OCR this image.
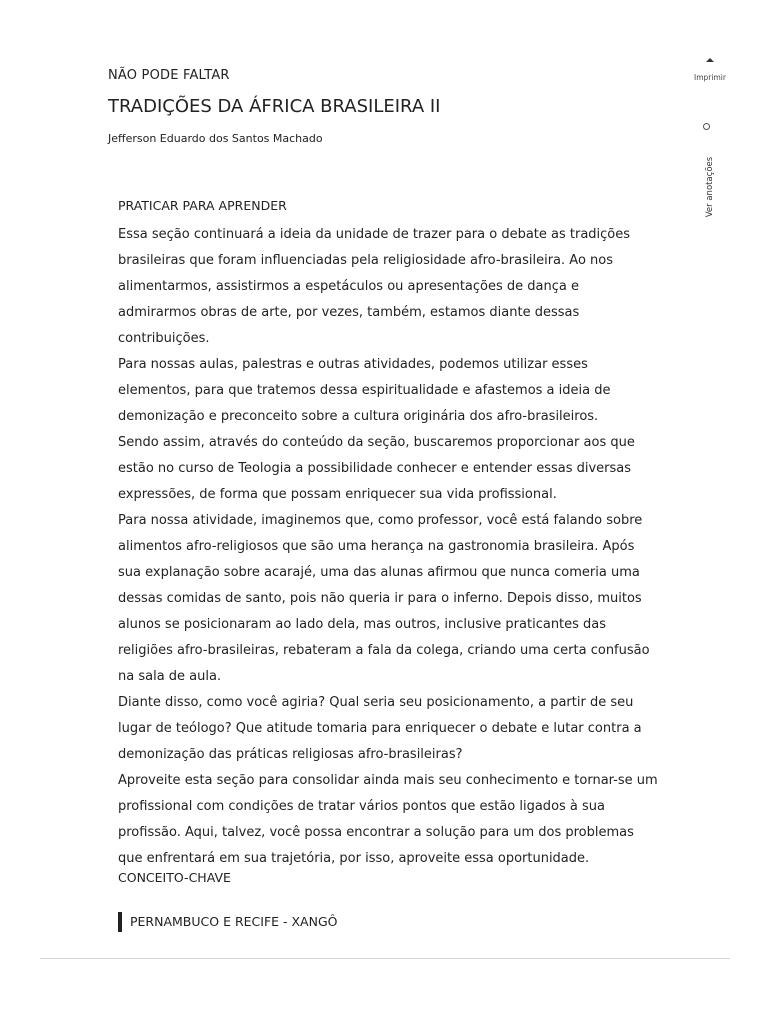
NÃO PODE FALTAR
TRADIÇÕES DA ÁFRICA BRASILEIRA II
Jefferson Eduardo dos Santos Machado
Imprimir
Ver anotações
PRATICAR PARA APRENDER

Essa seção continuará a ideia da unidade de trazer para o debate as tradições brasileiras que foram influenciadas pela religiosidade afro-brasileira. Ao nos alimentarmos, assistirmos a espetáculos ou apresentações de dança e admirarmos obras de arte, por vezes, também, estamos diante dessas contribuições.

Para nossas aulas, palestras e outras atividades, podemos utilizar esses elementos, para que tratemos dessa espiritualidade e afastemos a ideia de demonização e preconceito sobre a cultura originária dos afro-brasileiros.

Sendo assim, através do conteúdo da seção, buscaremos proporcionar aos que estão no curso de Teologia a possibilidade conhecer e entender essas diversas expressões, de forma que possam enriquecer sua vida profissional.

Para nossa atividade, imaginemos que, como professor, você está falando sobre alimentos afro-religiosos que são uma herança na gastronomia brasileira. Após sua explanação sobre acarajé, uma das alunas afirmou que nunca comeria uma dessas comidas de santo, pois não queria ir para o inferno. Depois disso, muitos alunos se posicionaram ao lado dela, mas outros, inclusive praticantes das religiões afro-brasileiras, rebateram a fala da colega, criando uma certa confusão na sala de aula.

Diante disso, como você agiria? Qual seria seu posicionamento, a partir de seu lugar de teólogo? Que atitude tomaria para enriquecer o debate e lutar contra a demonização das práticas religiosas afro-brasileiras?

Aproveite esta seção para consolidar ainda mais seu conhecimento e tornar-se um profissional com condições de tratar vários pontos que estão ligados à sua profissão. Aqui, talvez, você possa encontrar a solução para um dos problemas que enfrentará em sua trajetória, por isso, aproveite essa oportunidade.

CONCEITO-CHAVE
PERNAMBUCO E RECIFE - XANGÔ
